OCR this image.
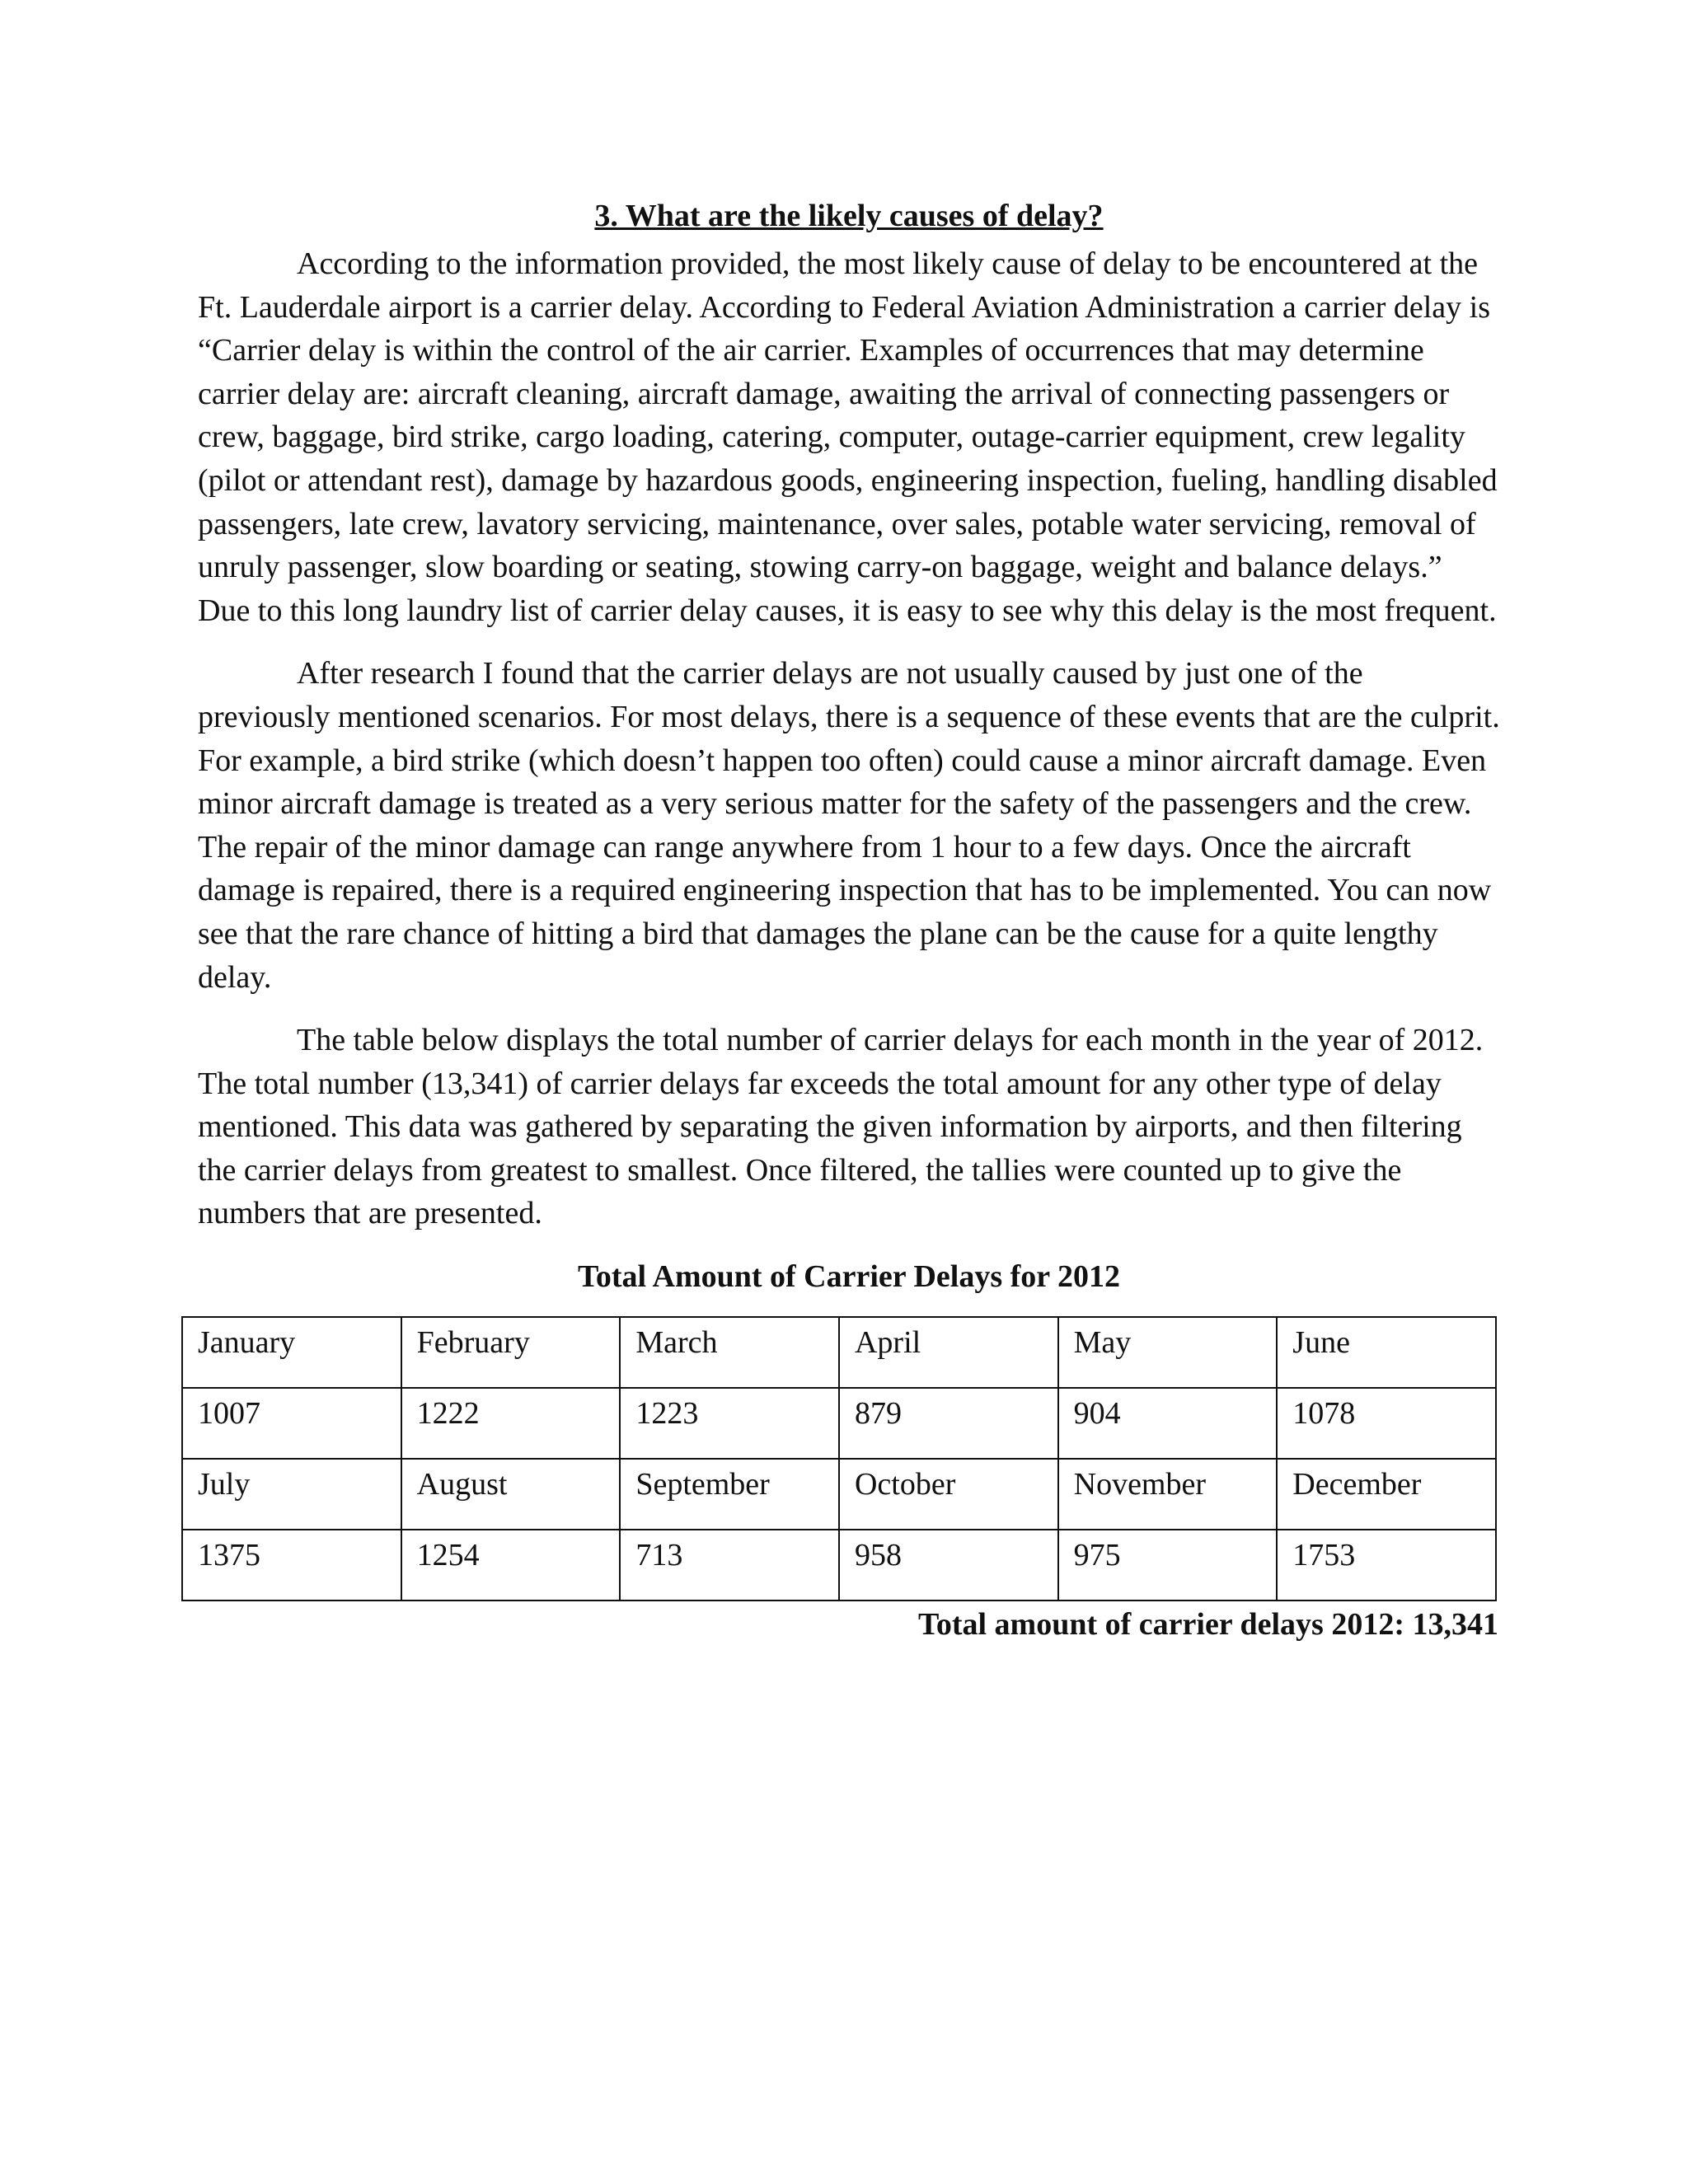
3. What are the likely causes of delay?

According to the information provided, the most likely cause of delay to be encountered at the Ft. Lauderdale airport is a carrier delay. According to Federal Aviation Administration a carrier delay is “Carrier delay is within the control of the air carrier. Examples of occurrences that may determine carrier delay are: aircraft cleaning, aircraft damage, awaiting the arrival of connecting passengers or crew, baggage, bird strike, cargo loading, catering, computer, outage-carrier equipment, crew legality (pilot or attendant rest), damage by hazardous goods, engineering inspection, fueling, handling disabled passengers, late crew, lavatory servicing, maintenance, over sales, potable water servicing, removal of unruly passenger, slow boarding or seating, stowing carry-on baggage, weight and balance delays.” Due to this long laundry list of carrier delay causes, it is easy to see why this delay is the most frequent.

After research I found that the carrier delays are not usually caused by just one of the previously mentioned scenarios. For most delays, there is a sequence of these events that are the culprit. For example, a bird strike (which doesn’t happen too often) could cause a minor aircraft damage. Even minor aircraft damage is treated as a very serious matter for the safety of the passengers and the crew. The repair of the minor damage can range anywhere from 1 hour to a few days. Once the aircraft damage is repaired, there is a required engineering inspection that has to be implemented. You can now see that the rare chance of hitting a bird that damages the plane can be the cause for a quite lengthy delay.

The table below displays the total number of carrier delays for each month in the year of 2012. The total number (13,341) of carrier delays far exceeds the total amount for any other type of delay mentioned. This data was gathered by separating the given information by airports, and then filtering the carrier delays from greatest to smallest. Once filtered, the tallies were counted up to give the numbers that are presented.

Total Amount of Carrier Delays for 2012
January	February	March	April	May	June
1007	1222	1223	879	904	1078
July	August	September	October	November	December
1375	1254	713	958	975	1753
Total amount of carrier delays 2012: 13,341
